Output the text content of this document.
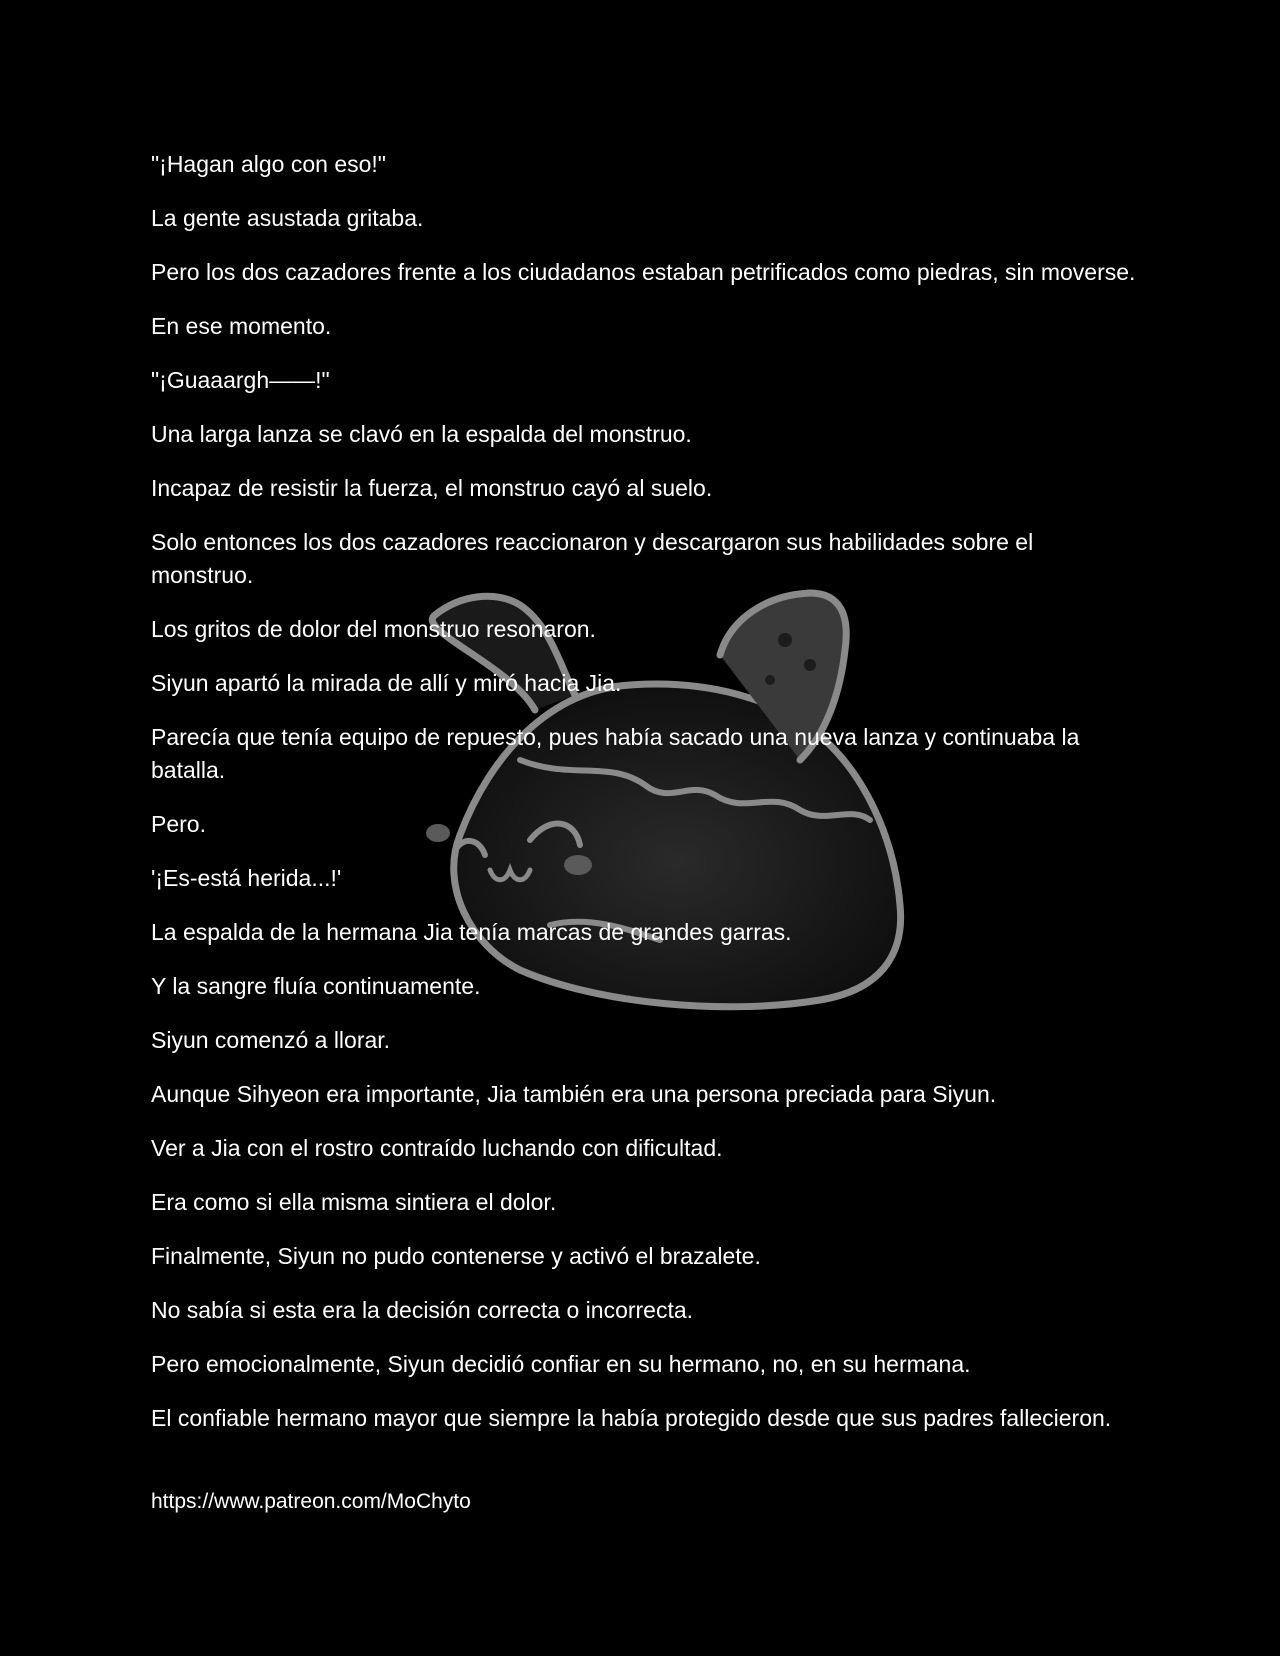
"¡Hagan algo con eso!"

La gente asustada gritaba.

Pero los dos cazadores frente a los ciudadanos estaban petrificados como piedras, sin moverse.

En ese momento.

"¡Guaaargh——!"

Una larga lanza se clavó en la espalda del monstruo.

Incapaz de resistir la fuerza, el monstruo cayó al suelo.

Solo entonces los dos cazadores reaccionaron y descargaron sus habilidades sobre el monstruo.

Los gritos de dolor del monstruo resonaron.

Siyun apartó la mirada de allí y miró hacia Jia.

Parecía que tenía equipo de repuesto, pues había sacado una nueva lanza y continuaba la batalla.

Pero.

'¡Es-está herida...!'

La espalda de la hermana Jia tenía marcas de grandes garras.

Y la sangre fluía continuamente.

Siyun comenzó a llorar.

Aunque Sihyeon era importante, Jia también era una persona preciada para Siyun.

Ver a Jia con el rostro contraído luchando con dificultad.

Era como si ella misma sintiera el dolor.

Finalmente, Siyun no pudo contenerse y activó el brazalete.

No sabía si esta era la decisión correcta o incorrecta.

Pero emocionalmente, Siyun decidió confiar en su hermano, no, en su hermana.

El confiable hermano mayor que siempre la había protegido desde que sus padres fallecieron.

https://www.patreon.com/MoChyto
